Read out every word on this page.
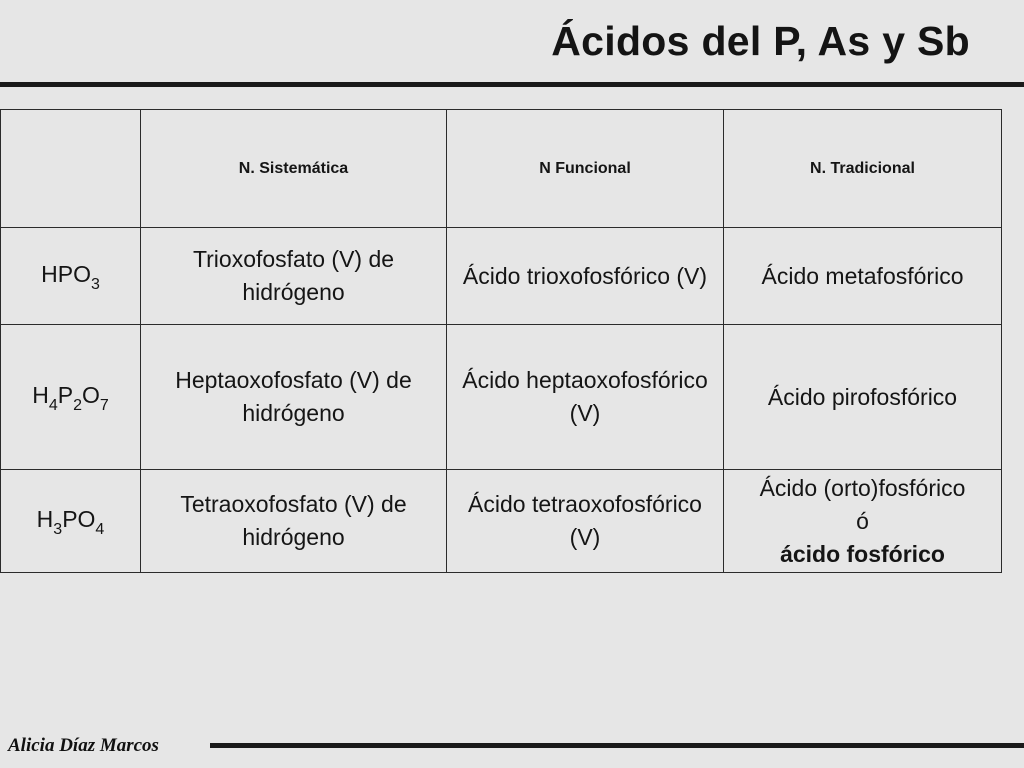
Ácidos del P, As y Sb
	N. Sistemática	N Funcional	N. Tradicional
$HPO_3$	Trioxofosfato (V) de hidrógeno	Ácido trioxofosfórico (V)	Ácido metafosfórico
$H_4P_2O_7$	Heptaoxofosfato (V) de hidrógeno	Ácido heptaoxofosfórico (V)	Ácido pirofosfórico
$H_3PO_4$	Tetraoxofosfato (V) de hidrógeno	Ácido tetraoxofosfórico (V)	Ácido (orto)fosfórico
ó
ácido fosfórico
Alicia Díaz Marcos
